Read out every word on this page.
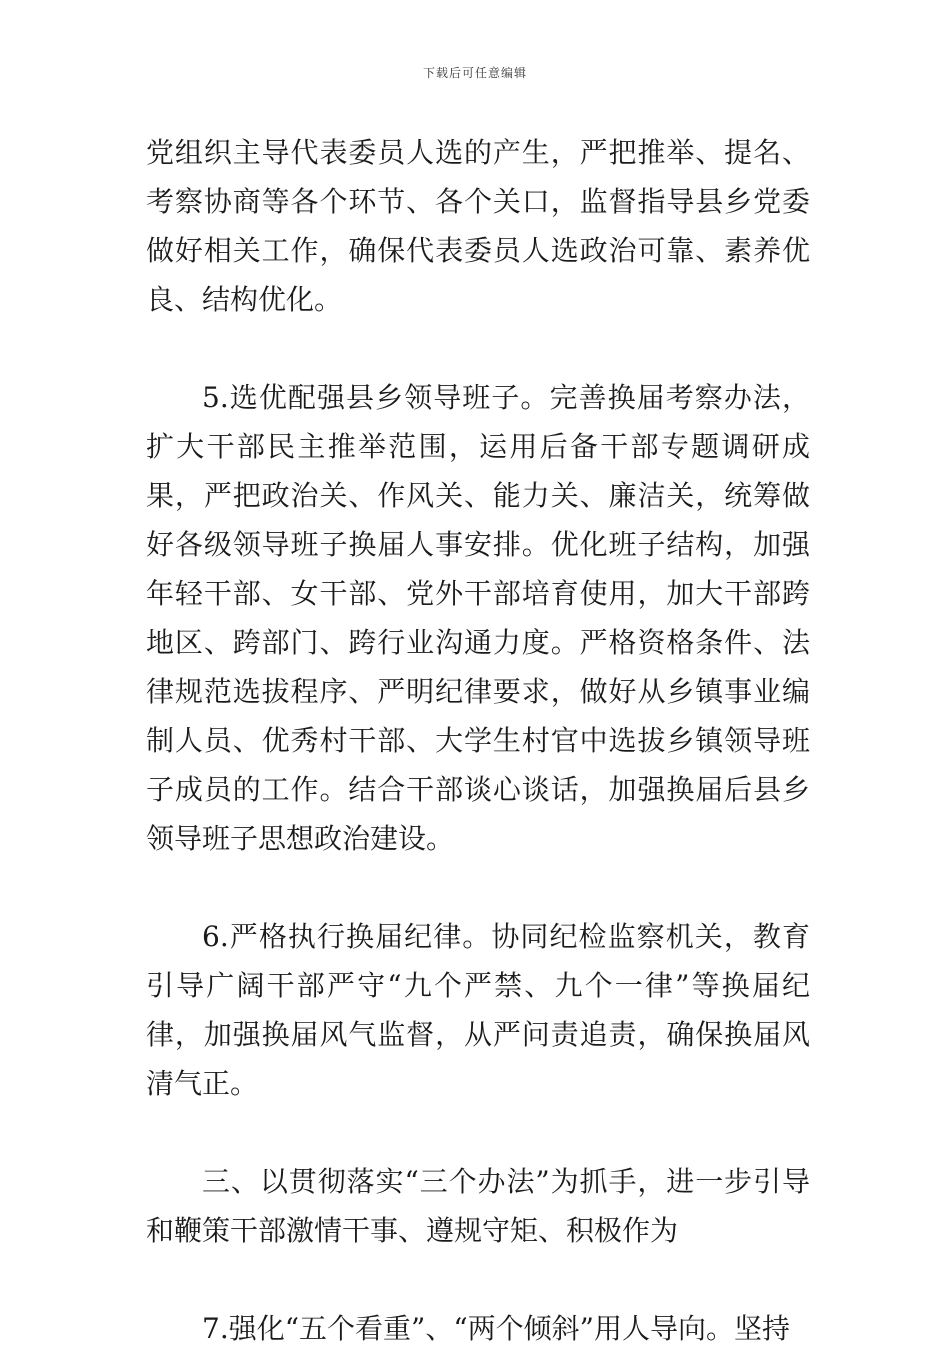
下载后可任意编辑

党组织主导代表委员人选的产生，严把推举、提名、考察协商等各个环节、各个关口，监督指导县乡党委做好相关工作，确保代表委员人选政治可靠、素养优良、结构优化。

5.选优配强县乡领导班子。完善换届考察办法，扩大干部民主推举范围，运用后备干部专题调研成果，严把政治关、作风关、能力关、廉洁关，统筹做好各级领导班子换届人事安排。优化班子结构，加强年轻干部、女干部、党外干部培育使用，加大干部跨地区、跨部门、跨行业沟通力度。严格资格条件、法律规范选拔程序、严明纪律要求，做好从乡镇事业编制人员、优秀村干部、大学生村官中选拔乡镇领导班子成员的工作。结合干部谈心谈话，加强换届后县乡领导班子思想政治建设。

6.严格执行换届纪律。协同纪检监察机关，教育引导广阔干部严守“九个严禁、九个一律”等换届纪律，加强换届风气监督，从严问责追责，确保换届风清气正。

三、以贯彻落实“三个办法”为抓手，进一步引导和鞭策干部激情干事、遵规守矩、积极作为

7.强化“五个看重”、“两个倾斜”用人导向。坚持
